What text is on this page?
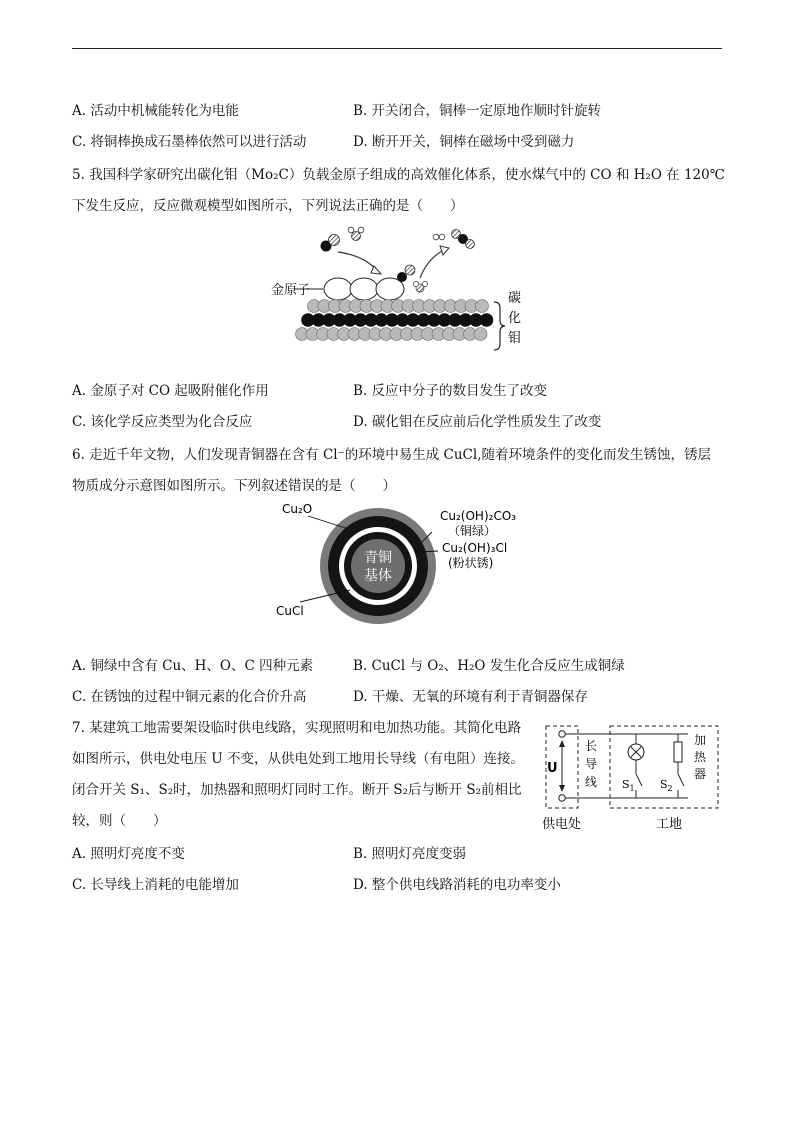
A. 活动中机械能转化为电能	B. 开关闭合，铜棒一定原地作顺时针旋转
C. 将铜棒换成石墨棒依然可以进行活动	D. 断开开关，铜棒在磁场中受到磁力
5. 我国科学家研究出碳化钼（Mo₂C）负载金原子组成的高效催化体系，使水煤气中的 CO 和 H₂O 在 120℃
下发生反应，反应微观模型如图所示，下列说法正确的是（　　）
金原子
碳
化
钼
A. 金原子对 CO 起吸附催化作用	B. 反应中分子的数目发生了改变
C. 该化学反应类型为化合反应	D. 碳化钼在反应前后化学性质发生了改变
6. 走近千年文物，人们发现青铜器在含有 Cl⁻的环境中易生成 CuCl,随着环境条件的变化而发生锈蚀，锈层
物质成分示意图如图所示。下列叙述错误的是（　　）
青铜
基体
Cu₂O
CuCl
Cu₂(OH)₂CO₃
（铜绿）
Cu₂(OH)₃Cl
(粉状锈)
A. 铜绿中含有 Cu、H、O、C 四种元素	B. CuCl 与 O₂、H₂O 发生化合反应生成铜绿
C. 在锈蚀的过程中铜元素的化合价升高	D. 干燥、无氧的环境有利于青铜器保存
7. 某建筑工地需要架设临时供电线路，实现照明和电加热功能。其简化电路
如图所示，供电处电压 U 不变，从供电处到工地用长导线（有电阻）连接。
闭合开关 S₁、S₂时，加热器和照明灯同时工作。断开 S₂后与断开 S₂前相比
较，则（　　）
U
长
导
线 $S_1$ $S_2$
加
热
器
供电处	工地
A. 照明灯亮度不变	B. 照明灯亮度变弱
C. 长导线上消耗的电能增加	D. 整个供电线路消耗的电功率变小
